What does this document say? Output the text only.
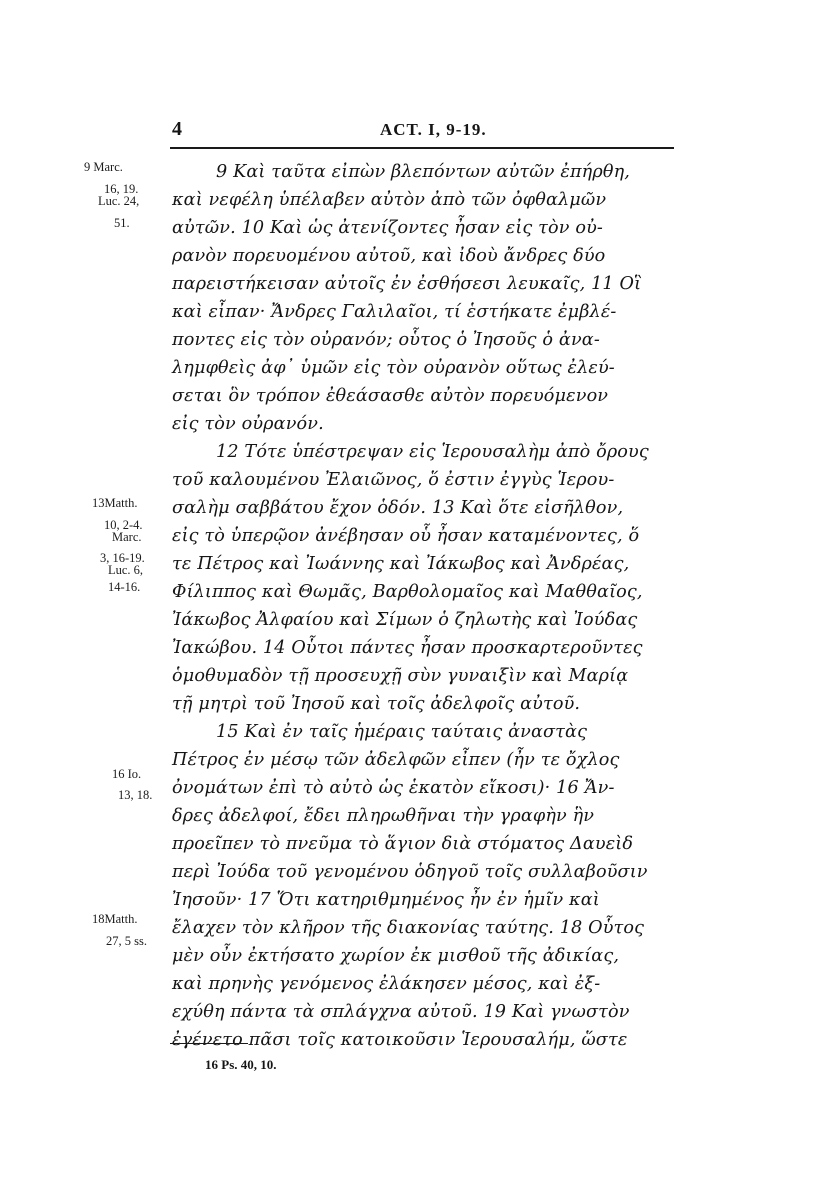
4	ACT. I, 9-19.
9 Marc.
16, 19.
Luc. 24,
51.
13Matth.
10, 2-4.
Marc.
3, 16-19.
Luc. 6,
14-16.
16 Io.
13, 18.
18Matth.
27, 5 ss.
9 Καὶ ταῦτα εἰπὼν βλεπόντων αὐτῶν ἐπήρθη,
καὶ νεφέλη ὑπέλαβεν αὐτὸν ἀπὸ τῶν ὀφθαλμῶν
αὐτῶν. 10 Καὶ ὡς ἀτενίζοντες ἦσαν εἰς τὸν οὐ-
ρανὸν πορευομένου αὐτοῦ, καὶ ἰδοὺ ἄνδρες δύο
παρειστήκεισαν αὐτοῖς ἐν ἐσθήσεσι λευκαῖς, 11 Οἳ
καὶ εἶπαν· Ἄνδρες Γαλιλαῖοι, τί ἑστήκατε ἐμβλέ-
ποντες εἰς τὸν οὐρανόν; οὗτος ὁ Ἰησοῦς ὁ ἀνα-
λημφθεὶς ἀφ᾽ ὑμῶν εἰς τὸν οὐρανὸν οὕτως ἐλεύ-
σεται ὃν τρόπον ἐθεάσασθε αὐτὸν πορευόμενον
εἰς τὸν οὐρανόν.
12 Τότε ὑπέστρεψαν εἰς Ἱερουσαλὴμ ἀπὸ ὄρους
τοῦ καλουμένου Ἐλαιῶνος, ὅ ἐστιν ἐγγὺς Ἱερου-
σαλὴμ σαββάτου ἔχον ὁδόν. 13 Καὶ ὅτε εἰσῆλθον,
εἰς τὸ ὑπερῷον ἀνέβησαν οὗ ἦσαν καταμένοντες, ὅ
τε Πέτρος καὶ Ἰωάννης καὶ Ἰάκωβος καὶ Ἀνδρέας,
Φίλιππος καὶ Θωμᾶς, Βαρθολομαῖος καὶ Μαθθαῖος,
Ἰάκωβος Ἀλφαίου καὶ Σίμων ὁ ζηλωτὴς καὶ Ἰούδας
Ἰακώβου. 14 Οὗτοι πάντες ἦσαν προσκαρτεροῦντες
ὁμοθυμαδὸν τῇ προσευχῇ σὺν γυναιξὶν καὶ Μαρίᾳ
τῇ μητρὶ τοῦ Ἰησοῦ καὶ τοῖς ἀδελφοῖς αὐτοῦ.
15 Καὶ ἐν ταῖς ἡμέραις ταύταις ἀναστὰς
Πέτρος ἐν μέσῳ τῶν ἀδελφῶν εἶπεν (ἦν τε ὄχλος
ὀνομάτων ἐπὶ τὸ αὐτὸ ὡς ἑκατὸν εἴκοσι)· 16 Ἄν-
δρες ἀδελφοί, ἔδει πληρωθῆναι τὴν γραφὴν ἣν
προεῖπεν τὸ πνεῦμα τὸ ἅγιον διὰ στόματος Δαυεὶδ
περὶ Ἰούδα τοῦ γενομένου ὁδηγοῦ τοῖς συλλαβοῦσιν
Ἰησοῦν· 17 Ὅτι κατηριθμημένος ἦν ἐν ἡμῖν καὶ
ἔλαχεν τὸν κλῆρον τῆς διακονίας ταύτης. 18 Οὗτος
μὲν οὖν ἐκτήσατο χωρίον ἐκ μισθοῦ τῆς ἀδικίας,
καὶ πρηνὴς γενόμενος ἐλάκησεν μέσος, καὶ ἐξ-
εχύθη πάντα τὰ σπλάγχνα αὐτοῦ. 19 Καὶ γνωστὸν
ἐγένετο πᾶσι τοῖς κατοικοῦσιν Ἱερουσαλήμ, ὥστε
16 Ps. 40, 10.
